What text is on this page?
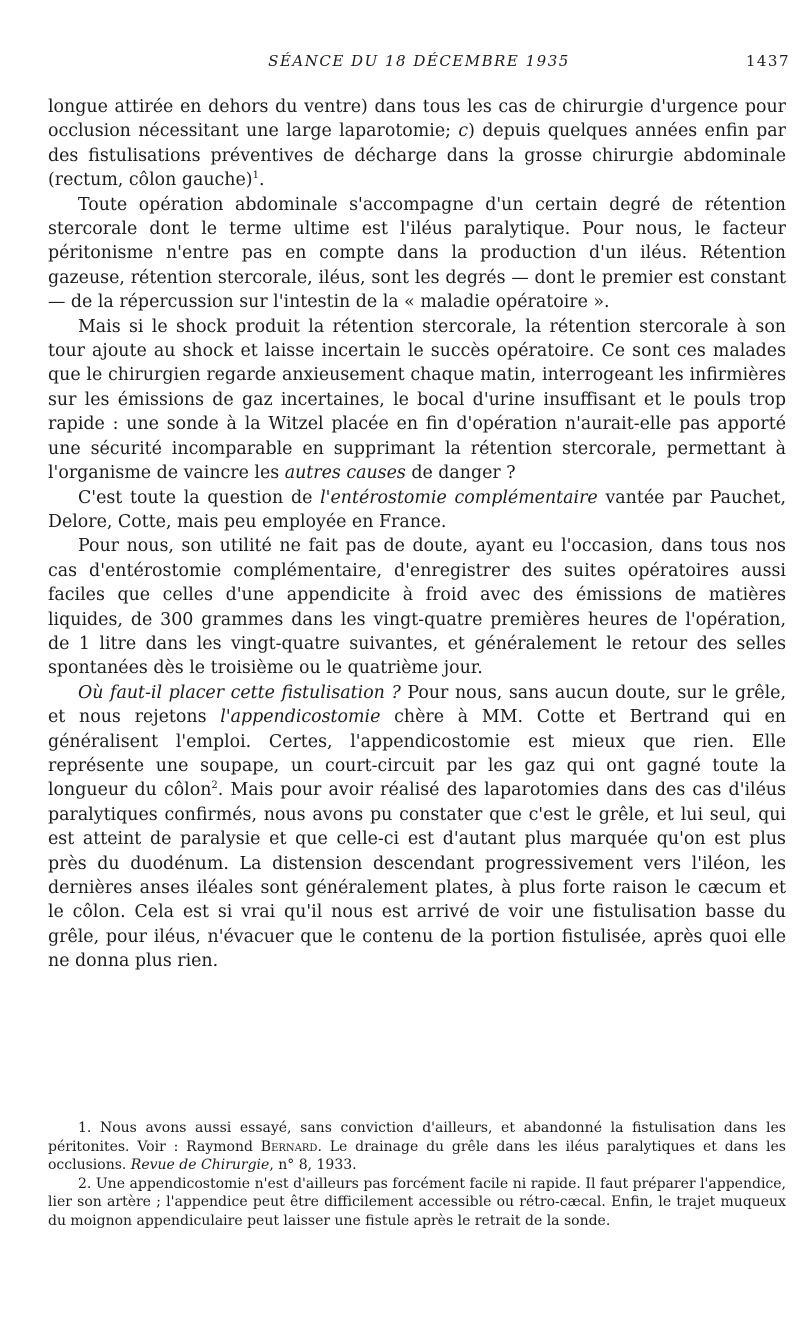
SÉANCE DU 18 DÉCEMBRE 1935	1437

longue attirée en dehors du ventre) dans tous les cas de chirurgie d'urgence pour occlusion nécessitant une large laparotomie; c) depuis quelques années enfin par des fistulisations préventives de décharge dans la grosse chirurgie abdominale (rectum, côlon gauche)$^1$.

Toute opération abdominale s'accompagne d'un certain degré de rétention stercorale dont le terme ultime est l'iléus paralytique. Pour nous, le facteur péritonisme n'entre pas en compte dans la production d'un iléus. Rétention gazeuse, rétention stercorale, iléus, sont les degrés — dont le premier est constant — de la répercussion sur l'intestin de la « maladie opératoire ».

Mais si le shock produit la rétention stercorale, la rétention stercorale à son tour ajoute au shock et laisse incertain le succès opératoire. Ce sont ces malades que le chirurgien regarde anxieusement chaque matin, interrogeant les infirmières sur les émissions de gaz incertaines, le bocal d'urine insuffisant et le pouls trop rapide : une sonde à la Witzel placée en fin d'opération n'aurait-elle pas apporté une sécurité incomparable en supprimant la rétention stercorale, permettant à l'organisme de vaincre les autres causes de danger ?

C'est toute la question de l'entérostomie complémentaire vantée par Pauchet, Delore, Cotte, mais peu employée en France.

Pour nous, son utilité ne fait pas de doute, ayant eu l'occasion, dans tous nos cas d'entérostomie complémentaire, d'enregistrer des suites opératoires aussi faciles que celles d'une appendicite à froid avec des émissions de matières liquides, de 300 grammes dans les vingt-quatre premières heures de l'opération, de 1 litre dans les vingt-quatre suivantes, et généralement le retour des selles spontanées dès le troisième ou le quatrième jour.

Où faut-il placer cette fistulisation ? Pour nous, sans aucun doute, sur le grêle, et nous rejetons l'appendicostomie chère à MM. Cotte et Bertrand qui en généralisent l'emploi. Certes, l'appendicostomie est mieux que rien. Elle représente une soupape, un court-circuit par les gaz qui ont gagné toute la longueur du côlon$^2$. Mais pour avoir réalisé des laparotomies dans des cas d'iléus paralytiques confirmés, nous avons pu constater que c'est le grêle, et lui seul, qui est atteint de paralysie et que celle-ci est d'autant plus marquée qu'on est plus près du duodénum. La distension descendant progressivement vers l'iléon, les dernières anses iléales sont généralement plates, à plus forte raison le cæcum et le côlon. Cela est si vrai qu'il nous est arrivé de voir une fistulisation basse du grêle, pour iléus, n'évacuer que le contenu de la portion fistulisée, après quoi elle ne donna plus rien.

1. Nous avons aussi essayé, sans conviction d'ailleurs, et abandonné la fistulisation dans les péritonites. Voir : Raymond Bernard. Le drainage du grêle dans les iléus paralytiques et dans les occlusions. Revue de Chirurgie, n° 8, 1933.

2. Une appendicostomie n'est d'ailleurs pas forcément facile ni rapide. Il faut préparer l'appendice, lier son artère ; l'appendice peut être difficilement accessible ou rétro-cæcal. Enfin, le trajet muqueux du moignon appendiculaire peut laisser une fistule après le retrait de la sonde.
